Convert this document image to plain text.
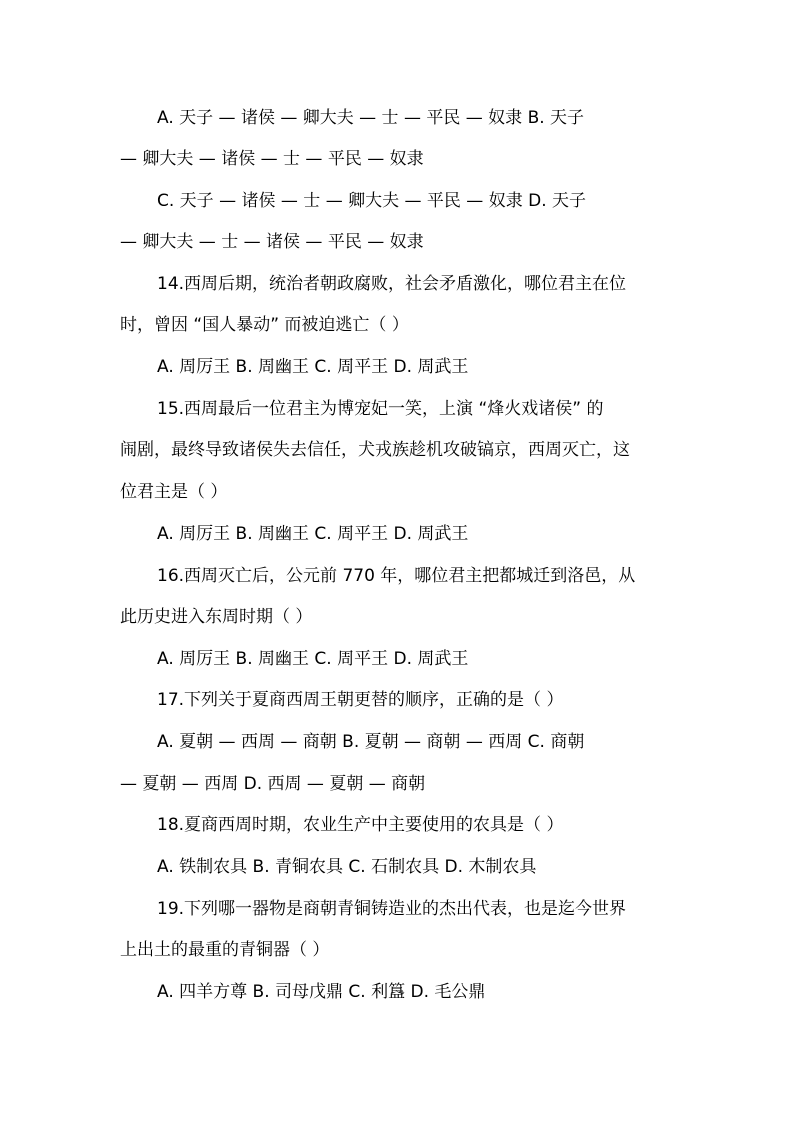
A. 天子 — 诸侯 — 卿大夫 — 士 — 平民 — 奴隶 B. 天子
— 卿大夫 — 诸侯 — 士 — 平民 — 奴隶
C. 天子 — 诸侯 — 士 — 卿大夫 — 平民 — 奴隶 D. 天子
— 卿大夫 — 士 — 诸侯 — 平民 — 奴隶
14.西周后期，统治者朝政腐败，社会矛盾激化，哪位君主在位
时，曾因 “国人暴动” 而被迫逃亡（ ）
A. 周厉王 B. 周幽王 C. 周平王 D. 周武王
15.西周最后一位君主为博宠妃一笑，上演 “烽火戏诸侯” 的
闹剧，最终导致诸侯失去信任，犬戎族趁机攻破镐京，西周灭亡，这
位君主是（ ）
A. 周厉王 B. 周幽王 C. 周平王 D. 周武王
16.西周灭亡后，公元前 770 年，哪位君主把都城迁到洛邑，从
此历史进入东周时期（ ）
A. 周厉王 B. 周幽王 C. 周平王 D. 周武王
17.下列关于夏商西周王朝更替的顺序，正确的是（ ）
A. 夏朝 — 西周 — 商朝 B. 夏朝 — 商朝 — 西周 C. 商朝
— 夏朝 — 西周 D. 西周 — 夏朝 — 商朝
18.夏商西周时期，农业生产中主要使用的农具是（ ）
A. 铁制农具 B. 青铜农具 C. 石制农具 D. 木制农具
19.下列哪一器物是商朝青铜铸造业的杰出代表，也是迄今世界
上出土的最重的青铜器（ ）
A. 四羊方尊 B. 司母戊鼎 C. 利簋 D. 毛公鼎
